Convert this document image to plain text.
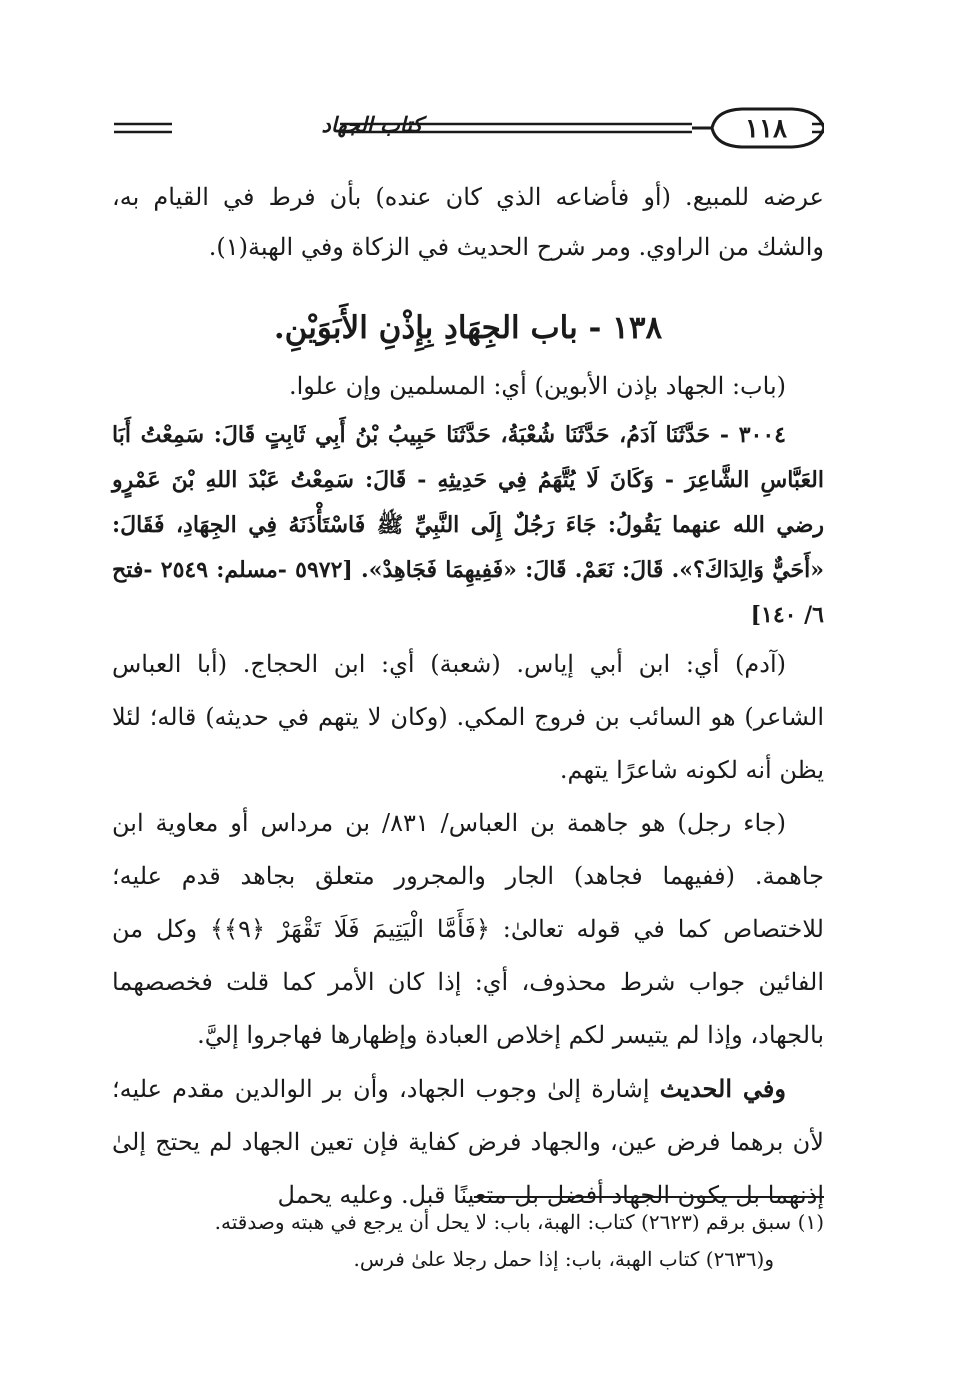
١١٨
كتاب الجهاد

عرضه للمبيع. (أو فأضاعه الذي كان عنده) بأن فرط في القيام به، والشك من الراوي. ومر شرح الحديث في الزكاة وفي الهبة(١).

١٣٨ - باب الجِهَادِ بِإِذْنِ الأَبَوَيْنِ.

(باب: الجهاد بإذن الأبوين) أي: المسلمين وإن علوا.

٣٠٠٤ - حَدَّثَنَا آدَمُ، حَدَّثَنَا شُعْبَةُ، حَدَّثَنَا حَبِيبُ بْنُ أَبِي ثَابِتٍ قَالَ: سَمِعْتُ أَبَا العَبَّاسِ الشَّاعِرَ - وَكَانَ لَا يُتَّهَمُ فِي حَدِيثِهِ - قَالَ: سَمِعْتُ عَبْدَ اللهِ بْنَ عَمْرٍو رضي الله عنهما يَقُولُ: جَاءَ رَجُلٌ إِلَى النَّبِيِّ ﷺ فَاسْتَأْذَنَهُ فِي الجِهَادِ، فَقَالَ: «أَحَيٌّ وَالِدَاكَ؟». قَالَ: نَعَمْ. قَالَ: «فَفِيهِمَا فَجَاهِدْ». [٥٩٧٢ -مسلم: ٢٥٤٩ -فتح ٦/ ١٤٠]

(آدم) أي: ابن أبي إياس. (شعبة) أي: ابن الحجاج. (أبا العباس الشاعر) هو السائب بن فروج المكي. (وكان لا يتهم في حديثه) قاله؛ لئلا يظن أنه لكونه شاعرًا يتهم.

(جاء رجل) هو جاهمة بن العباس/ ٨٣١/ بن مرداس أو معاوية ابن جاهمة. (ففيهما فجاهد) الجار والمجرور متعلق بجاهد قدم عليه؛ للاختصاص كما في قوله تعالىٰ: ﴿فَأَمَّا الْيَتِيمَ فَلَا تَقْهَرْ ﴿٩﴾﴾ وكل من الفائين جواب شرط محذوف، أي: إذا كان الأمر كما قلت فخصصهما بالجهاد، وإذا لم يتيسر لكم إخلاص العبادة وإظهارها فهاجروا إليَّ.

وفي الحديث إشارة إلىٰ وجوب الجهاد، وأن بر الوالدين مقدم عليه؛ لأن برهما فرض عين، والجهاد فرض كفاية فإن تعين الجهاد لم يحتج إلىٰ إذنهما بل يكون الجهاد أفضل بل متعينًا قبل. وعليه يحمل

(١) سبق برقم (٢٦٢٣) كتاب: الهبة، باب: لا يحل أن يرجع في هبته وصدقته.

و(٢٦٣٦) كتاب الهبة، باب: إذا حمل رجلا علىٰ فرس.
